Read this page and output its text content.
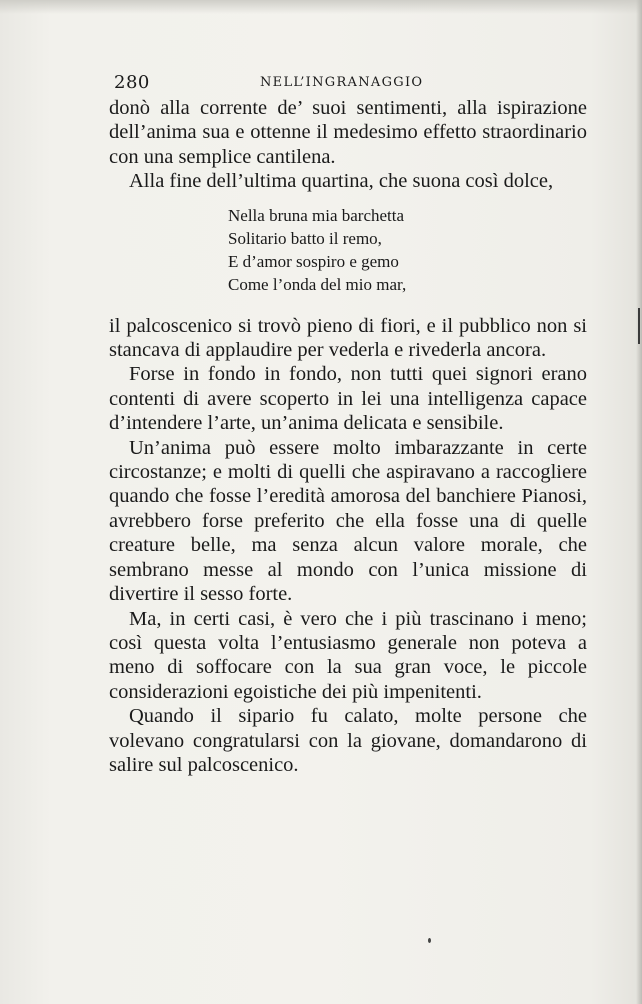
280	NELL’INGRANAGGIO

donò alla corrente de’ suoi sentimenti, alla ispirazione dell’anima sua e ottenne il medesimo effetto straordinario con una semplice cantilena.

Alla fine dell’ultima quartina, che suona così dolce,

Nella bruna mia barchetta
Solitario batto il remo,
E d’amor sospiro e gemo
Come l’onda del mio mar,

il palcoscenico si trovò pieno di fiori, e il pubblico non si stancava di applaudire per vederla e rivederla ancora.

Forse in fondo in fondo, non tutti quei signori erano contenti di avere scoperto in lei una intelligenza capace d’intendere l’arte, un’anima delicata e sensibile.

Un’anima può essere molto imbarazzante in certe circostanze; e molti di quelli che aspiravano a raccogliere quando che fosse l’eredità amorosa del banchiere Pianosi, avrebbero forse preferito che ella fosse una di quelle creature belle, ma senza alcun valore morale, che sembrano messe al mondo con l’unica missione di divertire il sesso forte.

Ma, in certi casi, è vero che i più trascinano i meno; così questa volta l’entusiasmo generale non poteva a meno di soffocare con la sua gran voce, le piccole considerazioni egoistiche dei più impenitenti.

Quando il sipario fu calato, molte persone che volevano congratularsi con la giovane, domandarono di salire sul palcoscenico.
